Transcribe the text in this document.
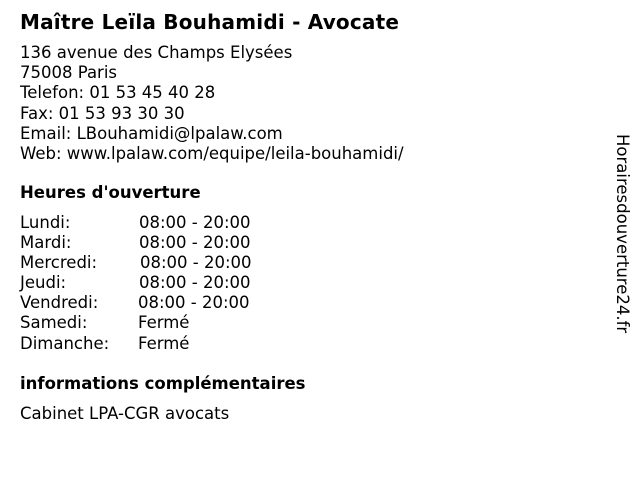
Maître Leïla Bouhamidi - Avocate
136 avenue des Champs Elysées
75008 Paris
Telefon: 01 53 45 40 28
Fax: 01 53 93 30 30
Email: LBouhamidi@lpalaw.com
Web: www.lpalaw.com/equipe/leila-bouhamidi/
Heures d'ouverture
Lundi:	08:00 - 20:00
Mardi:	08:00 - 20:00
Mercredi:	08:00 - 20:00
Jeudi:	08:00 - 20:00
Vendredi: 08:00 - 20:00
Samedi:	Fermé
Dimanche: Fermé
informations complémentaires
Cabinet LPA-CGR avocats
Horairesdouverture24.fr
